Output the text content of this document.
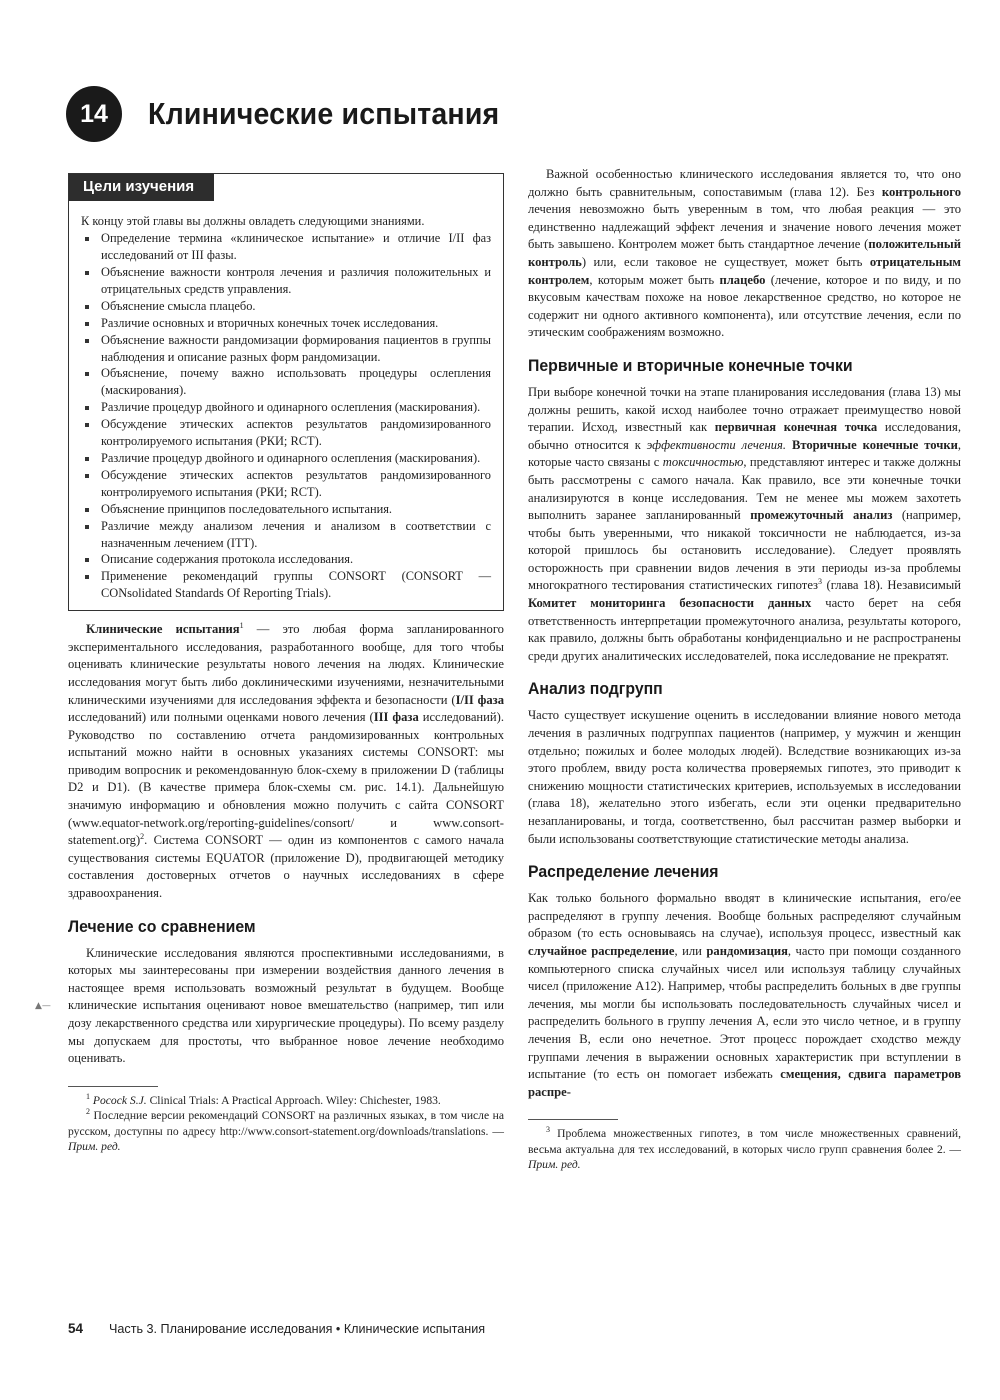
14	Клинические испытания
Цели изучения
К концу этой главы вы должны овладеть следующими знаниями.
Определение термина «клиническое испытание» и отличие I/II фаз исследований от III фазы.
Объяснение важности контроля лечения и различия положительных и отрицательных средств управления.
Объяснение смысла плацебо.
Различие основных и вторичных конечных точек исследования.
Объяснение важности рандомизации формирования пациентов в группы наблюдения и описание разных форм рандомизации.
Объяснение, почему важно использовать процедуры ослепления (маскирования).
Различие процедур двойного и одинарного ослепления (маскирования).
Обсуждение этических аспектов результатов рандомизированного контролируемого испытания (РКИ; RCT).
Различие процедур двойного и одинарного ослепления (маскирования).
Обсуждение этических аспектов результатов рандомизированного контролируемого испытания (РКИ; RCT).
Объяснение принципов последовательного испытания.
Различие между анализом лечения и анализом в соответствии с назначенным лечением (ITT).
Описание содержания протокола исследования.
Применение рекомендаций группы CONSORT (CONSORT — CONsolidated Standards Of Reporting Trials).

Клинические испытания$^1$ — это любая форма запланированного экспериментального исследования, разработанного вообще, для того чтобы оценивать клинические результаты нового лечения на людях. Клинические исследования могут быть либо доклиническими изучениями, незначительными клиническими изучениями для исследования эффекта и безопасности (I/II фаза исследований) или полными оценками нового лечения (III фаза исследований). Руководство по составлению отчета рандомизированных контрольных испытаний можно найти в основных указаниях системы CONSORT: мы приводим вопросник и рекомендованную блок-схему в приложении D (таблицы D2 и D1). (В качестве примера блок-схемы см. рис. 14.1). Дальнейшую значимую информацию и обновления можно получить с сайта CONSORT (www.equator-network.org/reporting-guidelines/consort/ и www.consort-statement.org)$^2$. Система CONSORT — один из компонентов с самого начала существования системы EQUATOR (приложение D), продвигающей методику составления достоверных отчетов о научных исследованиях в сфере здравоохранения.

Лечение со сравнением

Клинические исследования являются проспективными исследованиями, в которых мы заинтересованы при измерении воздействия данного лечения в настоящее время использовать возможный результат в будущем. Вообще клинические испытания оценивают новое вмешательство (например, тип или дозу лекарственного средства или хирургические процедуры). По всему разделу мы допускаем для простоты, что выбранное новое лечение необходимо оценивать.

$^1$ Pocock S.J. Clinical Trials: A Practical Approach. Wiley: Chichester, 1983.
$^2$ Последние версии рекомендаций CONSORT на различных языках, в том числе на русском, доступны по адресу http://www.consort-statement.org/downloads/translations. — Прим. ред.
▲—

Важной особенностью клинического исследования является то, что оно должно быть сравнительным, сопоставимым (глава 12). Без контрольного лечения невозможно быть уверенным в том, что любая реакция — это единственно надлежащий эффект лечения и значение нового лечения может быть завышено. Контролем может быть стандартное лечение (положительный контроль) или, если таковое не существует, может быть отрицательным контролем, которым может быть плацебо (лечение, которое и по виду, и по вкусовым качествам похоже на новое лекарственное средство, но которое не содержит ни одного активного компонента), или отсутствие лечения, если по этическим соображениям возможно.

Первичные и вторичные конечные точки

При выборе конечной точки на этапе планирования исследования (глава 13) мы должны решить, какой исход наиболее точно отражает преимущество новой терапии. Исход, известный как первичная конечная точка исследования, обычно относится к эффективности лечения. Вторичные конечные точки, которые часто связаны с токсичностью, представляют интерес и также должны быть рассмотрены с самого начала. Как правило, все эти конечные точки анализируются в конце исследования. Тем не менее мы можем захотеть выполнить заранее запланированный промежуточный анализ (например, чтобы быть уверенными, что никакой токсичности не наблюдается, из-за которой пришлось бы остановить исследование). Следует проявлять осторожность при сравнении видов лечения в эти периоды из-за проблемы многократного тестирования статистических гипотез$^3$ (глава 18). Независимый Комитет мониторинга безопасности данных часто берет на себя ответственность интерпретации промежуточного анализа, результаты которого, как правило, должны быть обработаны конфиденциально и не распространены среди других аналитических исследователей, пока исследование не прекратят.

Анализ подгрупп

Часто существует искушение оценить в исследовании влияние нового метода лечения в различных подгруппах пациентов (например, у мужчин и женщин отдельно; пожилых и более молодых людей). Вследствие возникающих из-за этого проблем, ввиду роста количества проверяемых гипотез, это приводит к снижению мощности статистических критериев, используемых в исследовании (глава 18), желательно этого избегать, если эти оценки предварительно незапланированы, и тогда, соответственно, был рассчитан размер выборки и были использованы соответствующие статистические методы анализа.

Распределение лечения

Как только больного формально вводят в клинические испытания, его/ее распределяют в группу лечения. Вообще больных распределяют случайным образом (то есть основываясь на случае), используя процесс, известный как случайное распределение, или рандомизация, часто при помощи созданного компьютерного списка случайных чисел или используя таблицу случайных чисел (приложение A12). Например, чтобы распределить больных в две группы лечения, мы могли бы использовать последовательность случайных чисел и распределить больного в группу лечения A, если это число четное, и в группу лечения B, если оно нечетное. Этот процесс порождает сходство между группами лечения в выражении основных характеристик при вступлении в испытание (то есть он помогает избежать смещения, сдвига параметров распре-

$^3$ Проблема множественных гипотез, в том числе множественных сравнений, весьма актуальна для тех исследований, в которых число групп сравнения более 2. — Прим. ред.
54 Часть 3. Планирование исследования • Клинические испытания
